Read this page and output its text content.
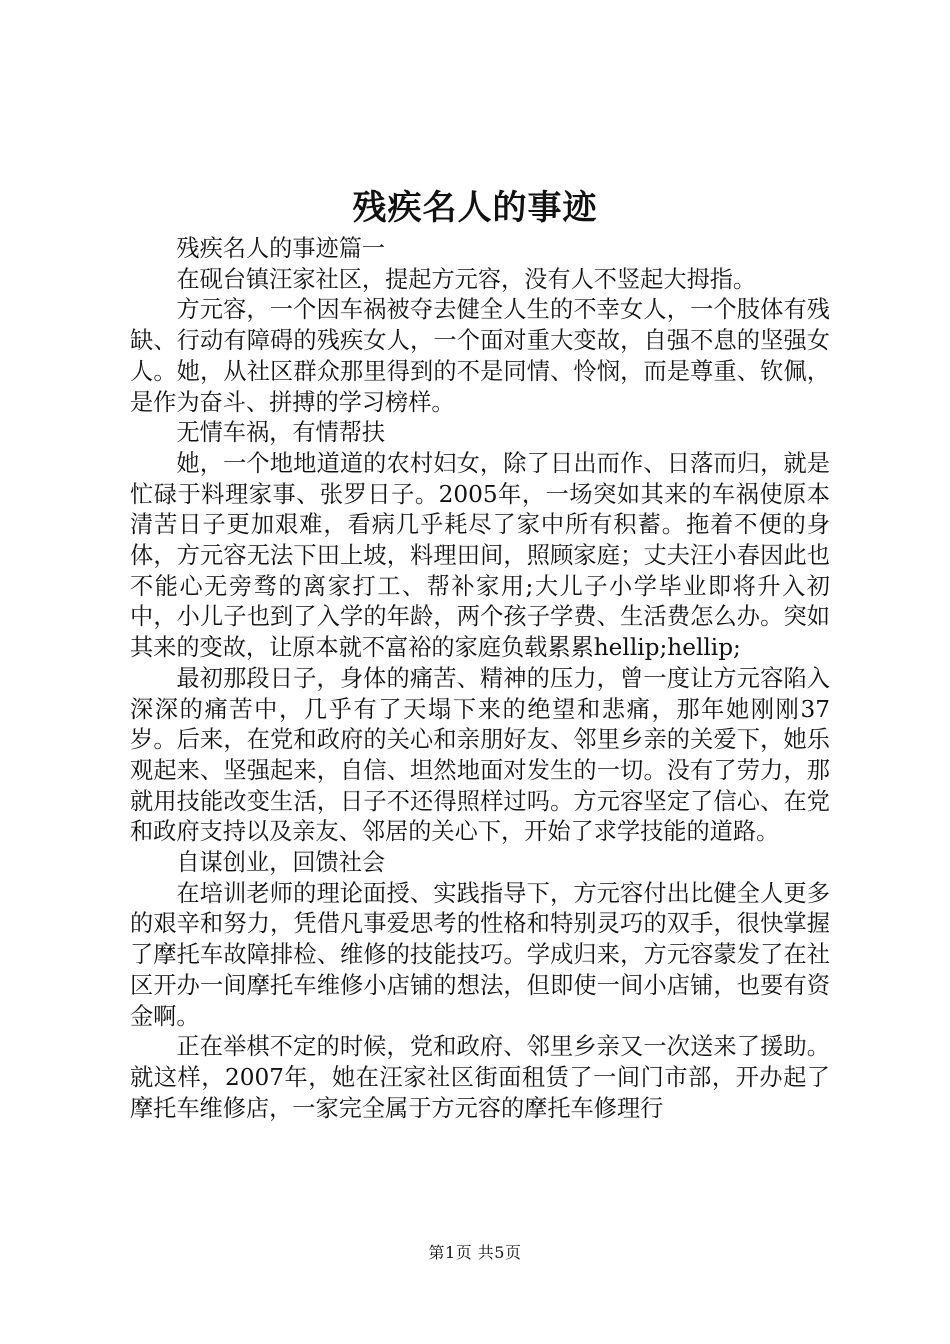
残疾名人的事迹

残疾名人的事迹篇一

在砚台镇汪家社区，提起方元容，没有人不竖起大拇指。

方元容，一个因车祸被夺去健全人生的不幸女人，一个肢体有残缺、行动有障碍的残疾女人，一个面对重大变故，自强不息的坚强女人。她，从社区群众那里得到的不是同情、怜悯，而是尊重、钦佩，是作为奋斗、拼搏的学习榜样。

无情车祸，有情帮扶

她，一个地地道道的农村妇女，除了日出而作、日落而归，就是忙碌于料理家事、张罗日子。2005年，一场突如其来的车祸使原本清苦日子更加艰难，看病几乎耗尽了家中所有积蓄。拖着不便的身体，方元容无法下田上坡，料理田间，照顾家庭；丈夫汪小春因此也不能心无旁骛的离家打工、帮补家用;大儿子小学毕业即将升入初中，小儿子也到了入学的年龄，两个孩子学费、生活费怎么办。突如其来的变故，让原本就不富裕的家庭负载累累hellip;hellip;

最初那段日子，身体的痛苦、精神的压力，曾一度让方元容陷入深深的痛苦中，几乎有了天塌下来的绝望和悲痛，那年她刚刚37岁。后来，在党和政府的关心和亲朋好友、邻里乡亲的关爱下，她乐观起来、坚强起来，自信、坦然地面对发生的一切。没有了劳力，那就用技能改变生活，日子不还得照样过吗。方元容坚定了信心、在党和政府支持以及亲友、邻居的关心下，开始了求学技能的道路。

自谋创业，回馈社会

在培训老师的理论面授、实践指导下，方元容付出比健全人更多的艰辛和努力，凭借凡事爱思考的性格和特别灵巧的双手，很快掌握了摩托车故障排检、维修的技能技巧。学成归来，方元容蒙发了在社区开办一间摩托车维修小店铺的想法，但即使一间小店铺，也要有资金啊。

正在举棋不定的时候，党和政府、邻里乡亲又一次送来了援助。就这样，2007年，她在汪家社区街面租赁了一间门市部，开办起了摩托车维修店，一家完全属于方元容的摩托车修理行

第1页 共5页
